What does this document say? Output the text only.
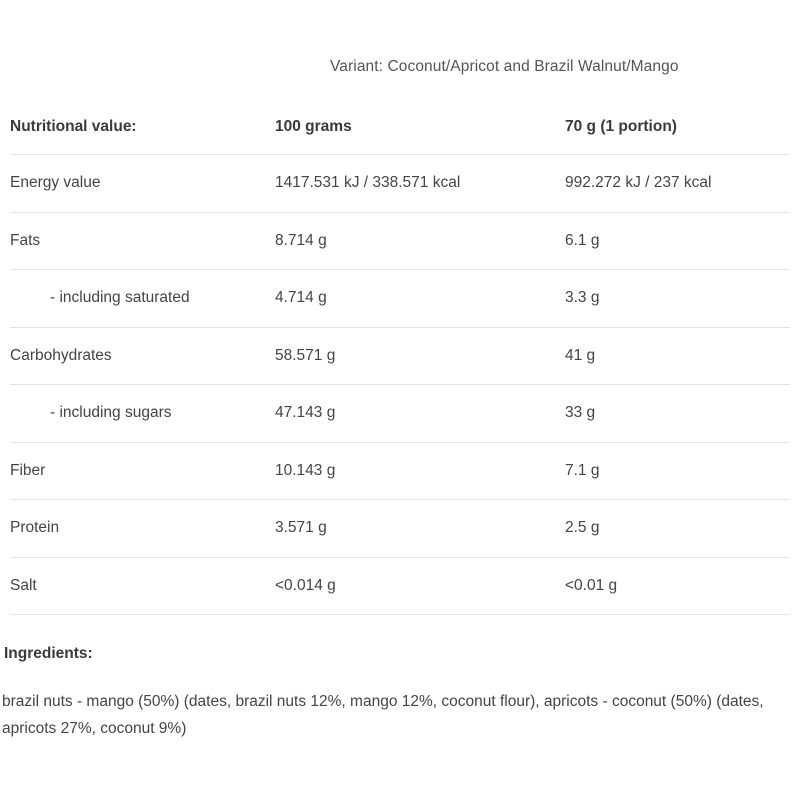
Variant: Coconut/Apricot and Brazil Walnut/Mango
Nutritional value:	100 grams	70 g (1 portion)
Energy value	1417.531 kJ / 338.571 kcal	992.272 kJ / 237 kcal
Fats	8.714 g	6.1 g
- including saturated	4.714 g	3.3 g
Carbohydrates	58.571 g	41 g
- including sugars	47.143 g	33 g
Fiber	10.143 g	7.1 g
Protein	3.571 g	2.5 g
Salt	<0.014 g	<0.01 g
Ingredients:
brazil nuts - mango (50%) (dates, brazil nuts 12%, mango 12%, coconut flour), apricots - coconut (50%) (dates, apricots 27%, coconut 9%)
